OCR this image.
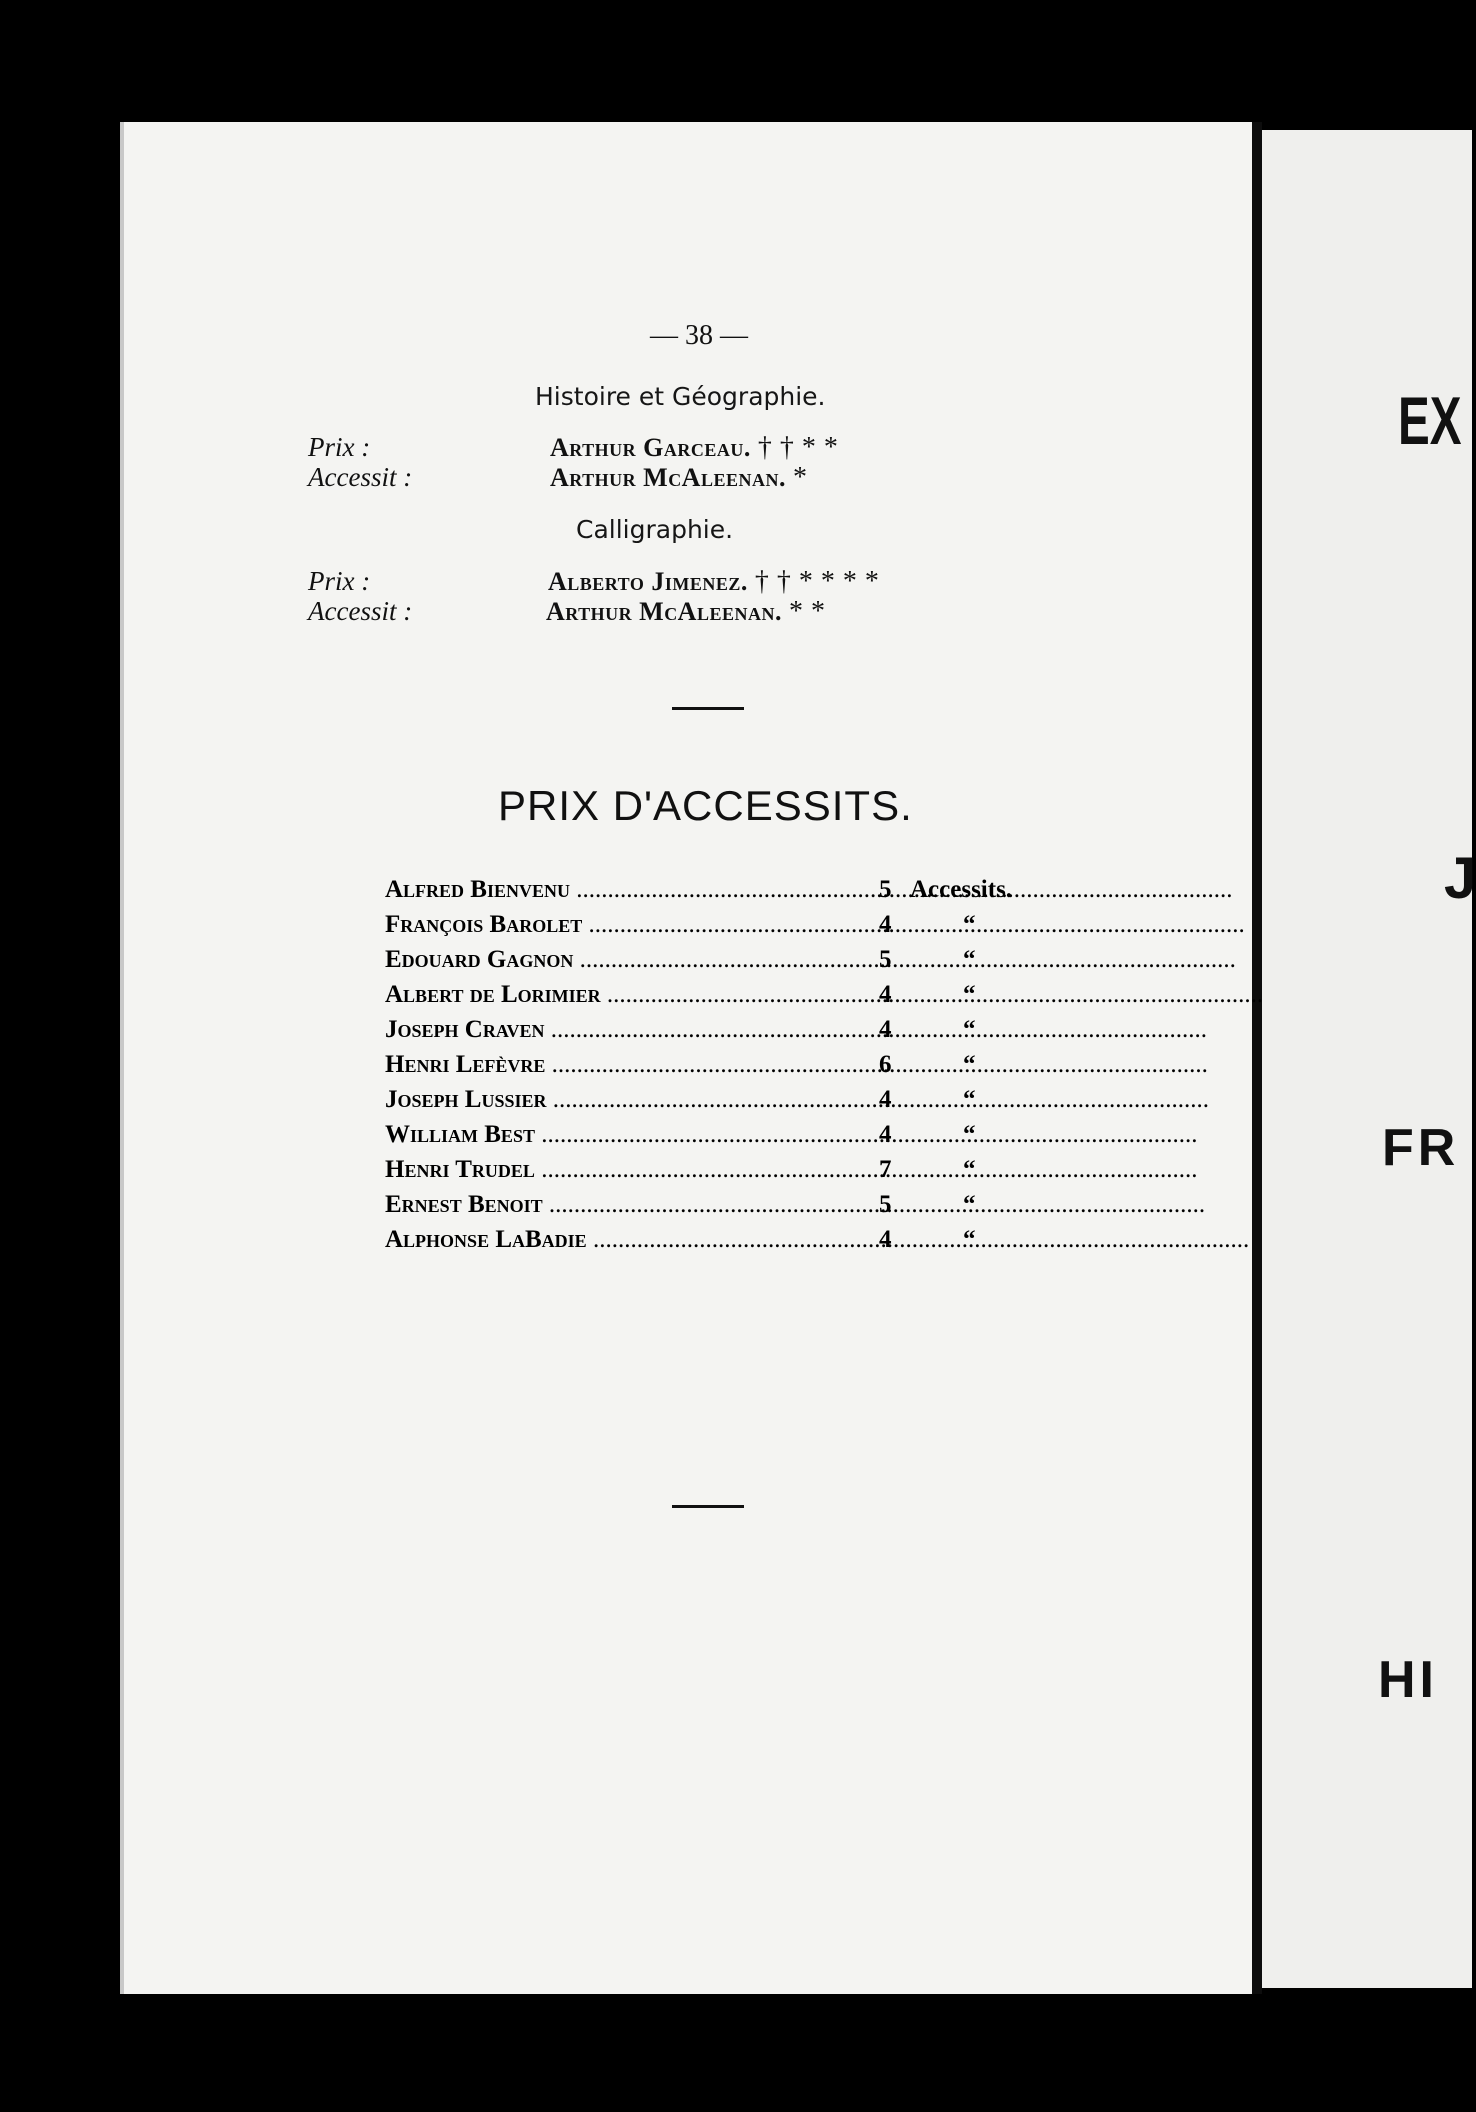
— 38 —
Histoire et Géographie.
Prix :	Arthur Garceau. † † * *
Accessit :	Arthur McAleenan. *
Calligraphie.
Prix :	Alberto Jimenez. † † * * * *
Accessit :	Arthur McAleenan. * *
PRIX D'ACCESSITS.
Alfred Bienvenu .....	5 Accessits.
François Barolet .....	4	“
Edouard Gagnon .....	5	“
Albert de Lorimier .....	4	“
Joseph Craven .....	4	“
Henri Lefèvre .....	6	“
Joseph Lussier .....	4	“
William Best .....	4	“
Henri Trudel .....	7	“
Ernest Benoit .....	5	“
Alphonse LaBadie .....	4	“
EX
J
FR
HI
